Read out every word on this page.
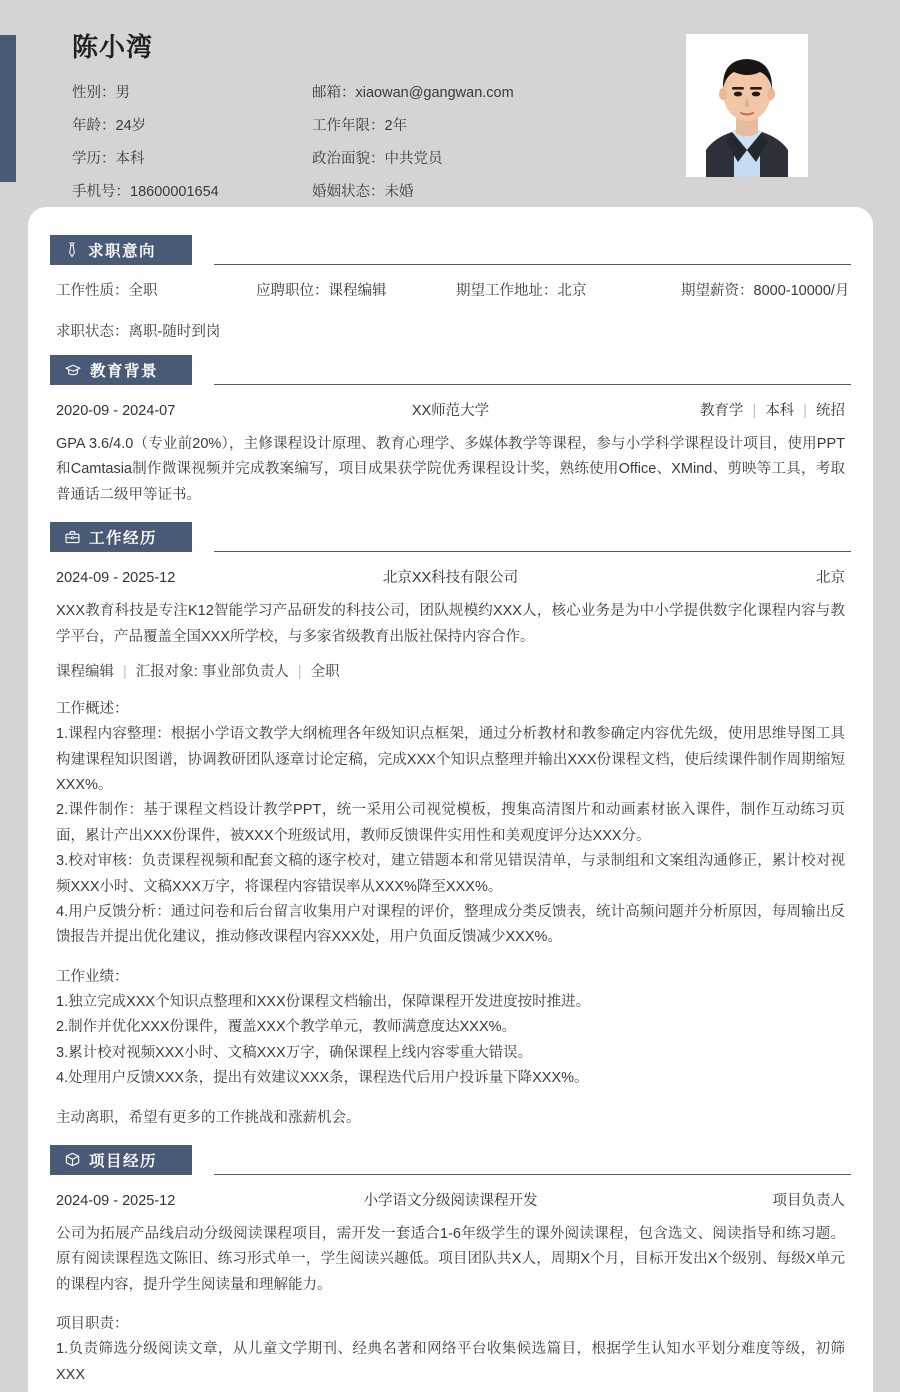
陈小湾
性别：男	邮箱：xiaowan@gangwan.com
年龄：24岁	工作年限：2年
学历：本科	政治面貌：中共党员
手机号：18600001654	婚姻状态：未婚
求职意向
工作性质：全职	应聘职位：课程编辑	期望工作地址：北京	期望薪资：8000-10000/月
求职状态：离职-随时到岗
教育背景
2020-09 - 2024-07	XX师范大学	教育学 | 本科 | 统招

GPA 3.6/4.0（专业前20%），主修课程设计原理、教育心理学、多媒体教学等课程，参与小学科学课程设计项目，使用PPT和Camtasia制作微课视频并完成教案编写，项目成果获学院优秀课程设计奖，熟练使用Office、XMind、剪映等工具，考取普通话二级甲等证书。

工作经历
2024-09 - 2025-12	北京XX科技有限公司	北京

XXX教育科技是专注K12智能学习产品研发的科技公司，团队规模约XXX人，核心业务是为中小学提供数字化课程内容与教学平台，产品覆盖全国XXX所学校，与多家省级教育出版社保持内容合作。

课程编辑 | 汇报对象: 事业部负责人 | 全职

工作概述：

1.课程内容整理：根据小学语文教学大纲梳理各年级知识点框架，通过分析教材和教参确定内容优先级，使用思维导图工具构建课程知识图谱，协调教研团队逐章讨论定稿，完成XXX个知识点整理并输出XXX份课程文档，使后续课件制作周期缩短XXX%。

2.课件制作：基于课程文档设计教学PPT，统一采用公司视觉模板，搜集高清图片和动画素材嵌入课件，制作互动练习页面，累计产出XXX份课件，被XXX个班级试用，教师反馈课件实用性和美观度评分达XXX分。

3.校对审核：负责课程视频和配套文稿的逐字校对，建立错题本和常见错误清单，与录制组和文案组沟通修正，累计校对视频XXX小时、文稿XXX万字，将课程内容错误率从XXX%降至XXX%。

4.用户反馈分析：通过问卷和后台留言收集用户对课程的评价，整理成分类反馈表，统计高频问题并分析原因，每周输出反馈报告并提出优化建议，推动修改课程内容XXX处，用户负面反馈减少XXX%。

工作业绩：

1.独立完成XXX个知识点整理和XXX份课程文档输出，保障课程开发进度按时推进。

2.制作并优化XXX份课件，覆盖XXX个教学单元，教师满意度达XXX%。

3.累计校对视频XXX小时、文稿XXX万字，确保课程上线内容零重大错误。

4.处理用户反馈XXX条，提出有效建议XXX条，课程迭代后用户投诉量下降XXX%。

主动离职，希望有更多的工作挑战和涨薪机会。

项目经历
2024-09 - 2025-12	小学语文分级阅读课程开发	项目负责人

公司为拓展产品线启动分级阅读课程项目，需开发一套适合1-6年级学生的课外阅读课程，包含选文、阅读指导和练习题。原有阅读课程选文陈旧、练习形式单一，学生阅读兴趣低。项目团队共X人，周期X个月，目标开发出X个级别、每级X单元的课程内容，提升学生阅读量和理解能力。

项目职责：

1.负责筛选分级阅读文章，从儿童文学期刊、经典名著和网络平台收集候选篇目，根据学生认知水平划分难度等级，初筛XXX
